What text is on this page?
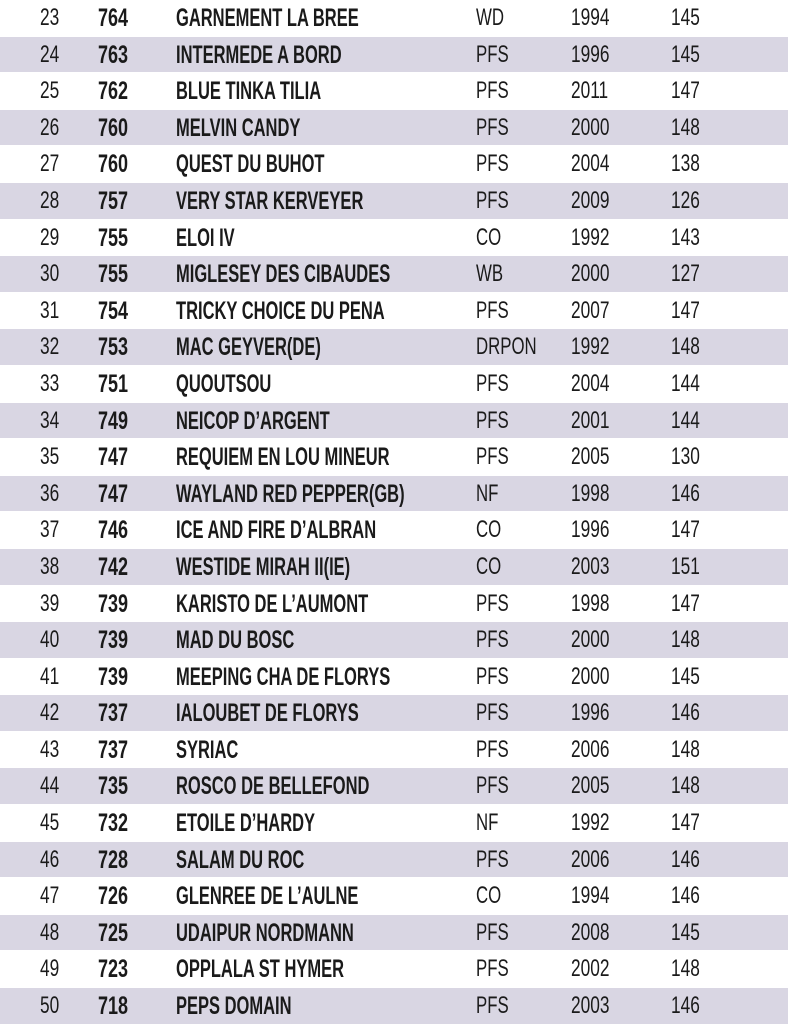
23 764 GARNEMENT LA BREE	WD	1994	145
24 763 INTERMEDE A BORD	PFS	1996	145
25 762 BLUE TINKA TILIA	PFS	2011	147
26 760 MELVIN CANDY	PFS	2000	148
27 760 QUEST DU BUHOT	PFS	2004	138
28 757 VERY STAR KERVEYER	PFS	2009	126
29 755 ELOI IV	CO	1992	143
30 755 MIGLESEY DES CIBAUDES	WB	2000	127
31 754 TRICKY CHOICE DU PENA	PFS	2007	147
32 753 MAC GEYVER(DE)	DRPON 1992	148
33 751 QUOUTSOU	PFS	2004	144
34 749 NEICOP D’ARGENT	PFS	2001	144
35 747 REQUIEM EN LOU MINEUR	PFS	2005	130
36 747 WAYLAND RED PEPPER(GB)	NF	1998	146
37 746 ICE AND FIRE D’ALBRAN	CO	1996	147
38 742 WESTIDE MIRAH II(IE)	CO	2003	151
39 739 KARISTO DE L’AUMONT	PFS	1998	147
40 739 MAD DU BOSC	PFS	2000	148
41 739 MEEPING CHA DE FLORYS	PFS	2000	145
42 737 IALOUBET DE FLORYS	PFS	1996	146
43 737 SYRIAC	PFS	2006	148
44 735 ROSCO DE BELLEFOND	PFS	2005	148
45 732 ETOILE D’HARDY	NF	1992	147
46 728 SALAM DU ROC	PFS	2006	146
47 726 GLENREE DE L’AULNE	CO	1994	146
48 725 UDAIPUR NORDMANN	PFS	2008	145
49 723 OPPLALA ST HYMER	PFS	2002	148
50 718 PEPS DOMAIN	PFS	2003	146
